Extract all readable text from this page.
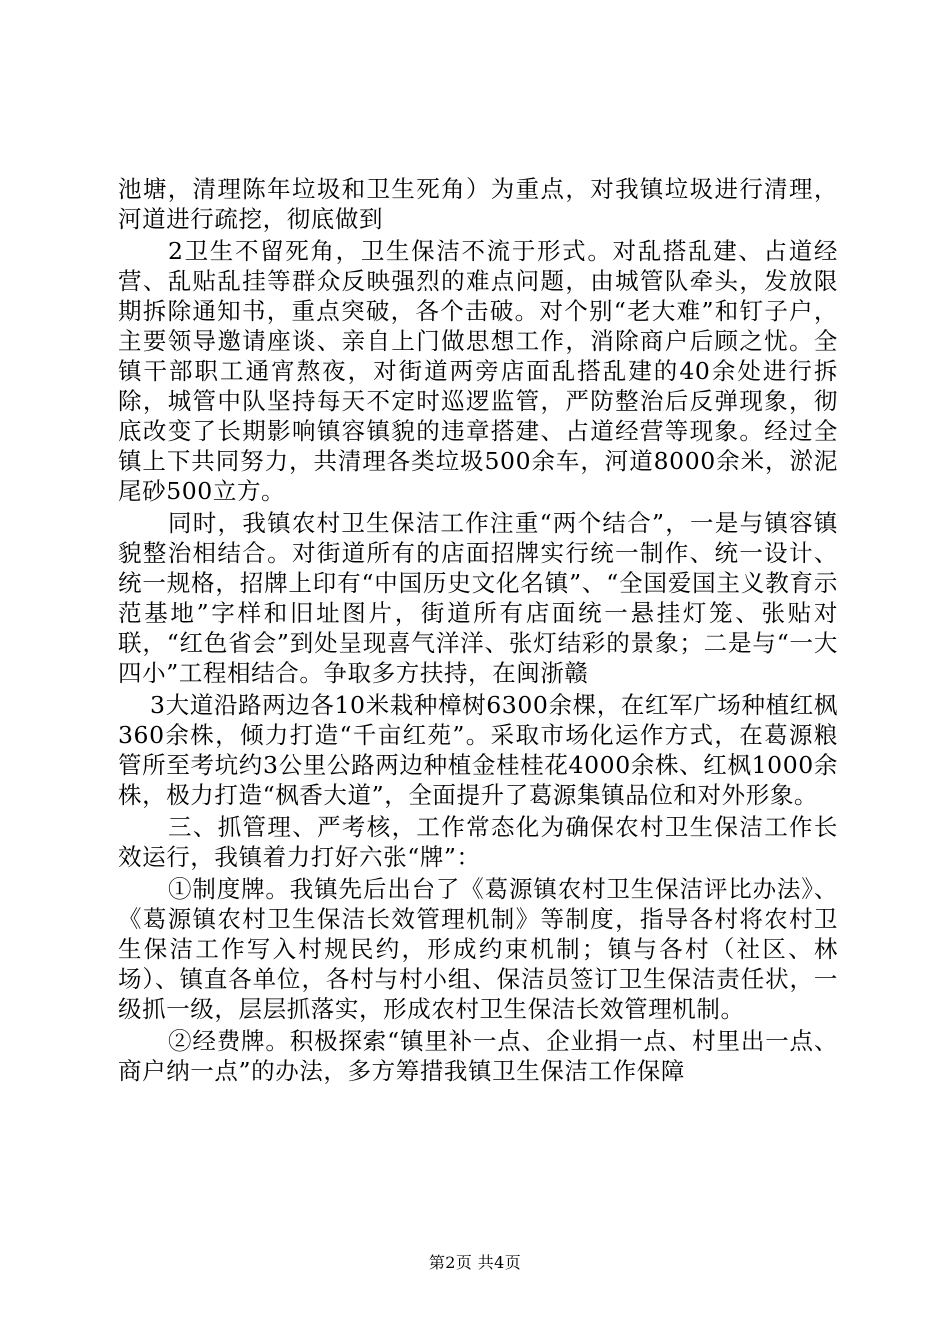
池塘，清理陈年垃圾和卫生死角）为重点，对我镇垃圾进行清理，河道进行疏挖，彻底做到

2卫生不留死角，卫生保洁不流于形式。对乱搭乱建、占道经营、乱贴乱挂等群众反映强烈的难点问题，由城管队牵头，发放限期拆除通知书，重点突破，各个击破。对个别“老大难”和钉子户，主要领导邀请座谈、亲自上门做思想工作，消除商户后顾之忧。全镇干部职工通宵熬夜，对街道两旁店面乱搭乱建的40余处进行拆除，城管中队坚持每天不定时巡逻监管，严防整治后反弹现象，彻底改变了长期影响镇容镇貌的违章搭建、占道经营等现象。经过全镇上下共同努力，共清理各类垃圾500余车，河道8000余米，淤泥尾砂500立方。

同时，我镇农村卫生保洁工作注重“两个结合”，一是与镇容镇貌整治相结合。对街道所有的店面招牌实行统一制作、统一设计、统一规格，招牌上印有“中国历史文化名镇”、“全国爱国主义教育示范基地”字样和旧址图片，街道所有店面统一悬挂灯笼、张贴对联，“红色省会”到处呈现喜气洋洋、张灯结彩的景象；二是与“一大四小”工程相结合。争取多方扶持，在闽浙赣

3大道沿路两边各10米栽种樟树6300余棵，在红军广场种植红枫360余株，倾力打造“千亩红苑”。采取市场化运作方式，在葛源粮管所至考坑约3公里公路两边种植金桂桂花4000余株、红枫1000余株，极力打造“枫香大道”，全面提升了葛源集镇品位和对外形象。

三、抓管理、严考核，工作常态化为确保农村卫生保洁工作长效运行，我镇着力打好六张“牌”：

①制度牌。我镇先后出台了《葛源镇农村卫生保洁评比办法》、《葛源镇农村卫生保洁长效管理机制》等制度，指导各村将农村卫生保洁工作写入村规民约，形成约束机制；镇与各村（社区、林场）、镇直各单位，各村与村小组、保洁员签订卫生保洁责任状，一级抓一级，层层抓落实，形成农村卫生保洁长效管理机制。

②经费牌。积极探索“镇里补一点、企业捐一点、村里出一点、商户纳一点”的办法，多方筹措我镇卫生保洁工作保障

第2页 共4页
